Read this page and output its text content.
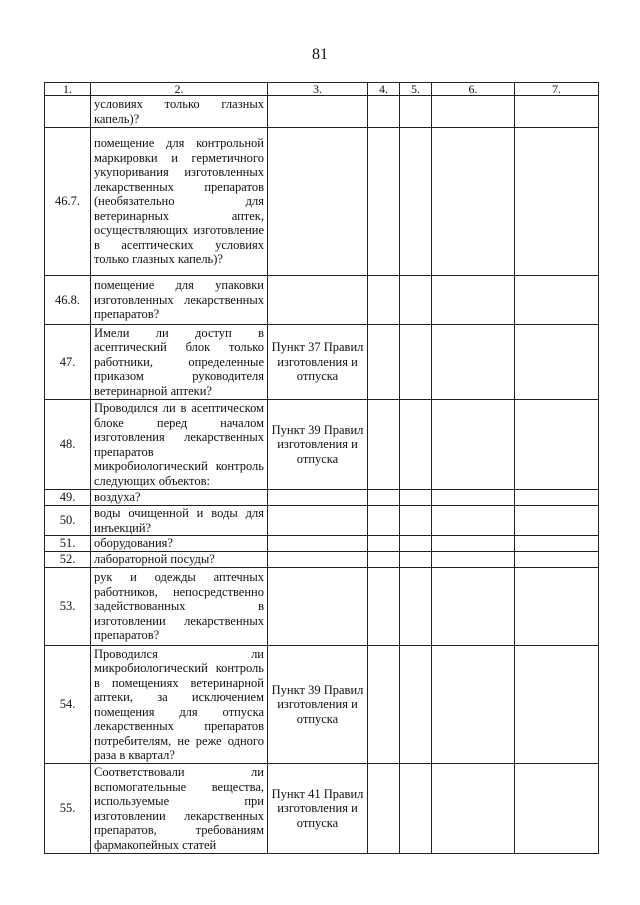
81
1.	2.	3.	4.	5.	6.	7.
	условиях только глазных капель)?					
46.7.	помещение для контрольной маркировки и герметичного укупоривания изготовленных лекарственных препаратов (необязательно для ветеринарных аптек, осуществляющих изготовление в асептических условиях только глазных капель)?					
46.8.	помещение для упаковки изготовленных лекарственных препаратов?					
47.	Имели ли доступ в асептический блок только работники, определенные приказом руководителя ветеринарной аптеки?	Пункт 37 Правил изготовления и отпуска				
48.	Проводился ли в асептическом блоке перед началом изготовления лекарственных препаратов микробиологический контроль следующих объектов:	Пункт 39 Правил изготовления и отпуска				
49.	воздуха?					
50.	воды очищенной и воды для инъекций?					
51.	оборудования?					
52.	лабораторной посуды?					
53.	рук и одежды аптечных работников, непосредственно задействованных в изготовлении лекарственных препаратов?					
54.	Проводился ли микробиологический контроль в помещениях ветеринарной аптеки, за исключением помещения для отпуска лекарственных препаратов потребителям, не реже одного раза в квартал?	Пункт 39 Правил изготовления и отпуска				
55.	Соответствовали ли вспомогательные вещества, используемые при изготовлении лекарственных препаратов, требованиям фармакопейных статей	Пункт 41 Правил изготовления и отпуска				
